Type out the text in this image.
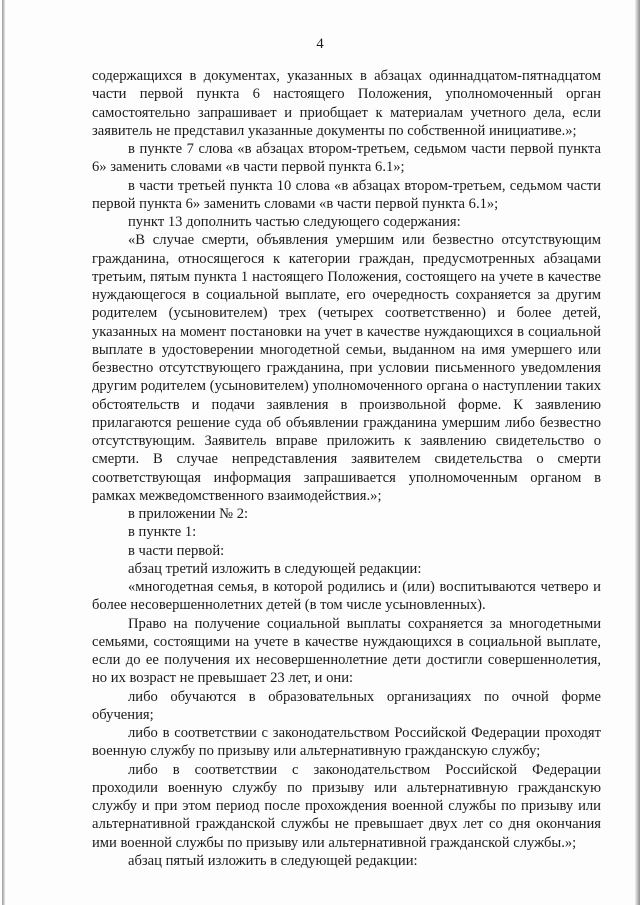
4

содержащихся в документах, указанных в абзацах одиннадцатом-пятнадцатом части первой пункта 6 настоящего Положения, уполномоченный орган самостоятельно запрашивает и приобщает к материалам учетного дела, если заявитель не представил указанные документы по собственной инициативе.»;

в пункте 7 слова «в абзацах втором-третьем, седьмом части первой пункта 6» заменить словами «в части первой пункта 6.1»;

в части третьей пункта 10 слова «в абзацах втором-третьем, седьмом части первой пункта 6» заменить словами «в части первой пункта 6.1»;

пункт 13 дополнить частью следующего содержания:

«В случае смерти, объявления умершим или безвестно отсутствующим гражданина, относящегося к категории граждан, предусмотренных абзацами третьим, пятым пункта 1 настоящего Положения, состоящего на учете в качестве нуждающегося в социальной выплате, его очередность сохраняется за другим родителем (усыновителем) трех (четырех соответственно) и более детей, указанных на момент постановки на учет в качестве нуждающихся в социальной выплате в удостоверении многодетной семьи, выданном на имя умершего или безвестно отсутствующего гражданина, при условии письменного уведомления другим родителем (усыновителем) уполномоченного органа о наступлении таких обстоятельств и подачи заявления в произвольной форме. К заявлению прилагаются решение суда об объявлении гражданина умершим либо безвестно отсутствующим. Заявитель вправе приложить к заявлению свидетельство о смерти. В случае непредставления заявителем свидетельства о смерти соответствующая информация запрашивается уполномоченным органом в рамках межведомственного взаимодействия.»;

в приложении № 2:

в пункте 1:

в части первой:

абзац третий изложить в следующей редакции:

«многодетная семья, в которой родились и (или) воспитываются четверо и более несовершеннолетних детей (в том числе усыновленных).

Право на получение социальной выплаты сохраняется за многодетными семьями, состоящими на учете в качестве нуждающихся в социальной выплате, если до ее получения их несовершеннолетние дети достигли совершеннолетия, но их возраст не превышает 23 лет, и они:

либо обучаются в образовательных организациях по очной форме обучения;

либо в соответствии с законодательством Российской Федерации проходят военную службу по призыву или альтернативную гражданскую службу;

либо в соответствии с законодательством Российской Федерации проходили военную службу по призыву или альтернативную гражданскую службу и при этом период после прохождения военной службы по призыву или альтернативной гражданской службы не превышает двух лет со дня окончания ими военной службы по призыву или альтернативной гражданской службы.»;

абзац пятый изложить в следующей редакции:
